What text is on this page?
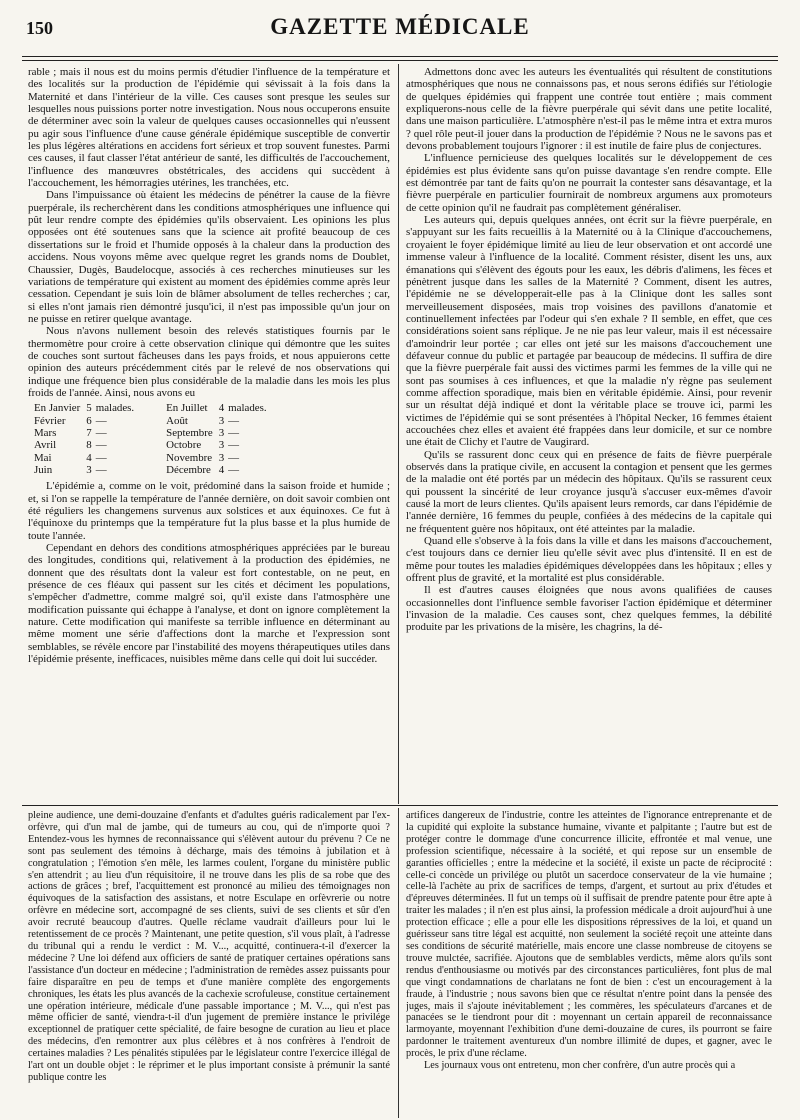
150	GAZETTE MÉDICALE

rable ; mais il nous est du moins permis d'étudier l'influence de la température et des localités sur la production de l'épidémie qui sévissait à la fois dans la Maternité et dans l'intérieur de la ville. Ces causes sont presque les seules sur lesquelles nous puissions porter notre investigation. Nous nous occuperons ensuite de déterminer avec soin la valeur de quelques causes occasionnelles qui n'eussent pu agir sous l'influence d'une cause générale épidémique susceptible de convertir les plus légères altérations en accidens fort sérieux et trop souvent funestes. Parmi ces causes, il faut classer l'état antérieur de santé, les difficultés de l'accouchement, l'influence des manœuvres obstétricales, des accidens qui succèdent à l'accouchement, les hémorragies utérines, les tranchées, etc.

Dans l'impuissance où étaient les médecins de pénétrer la cause de la fièvre puerpérale, ils recherchèrent dans les conditions atmosphériques une influence qui pût leur rendre compte des épidémies qu'ils observaient. Les opinions les plus opposées ont été soutenues sans que la science ait profité beaucoup de ces dissertations sur le froid et l'humide opposés à la chaleur dans la production des accidens. Nous voyons même avec quelque regret les grands noms de Doublet, Chaussier, Dugès, Baudelocque, associés à ces recherches minutieuses sur les variations de température qui existent au moment des épidémies comme après leur cessation. Cependant je suis loin de blâmer absolument de telles recherches ; car, si elles n'ont jamais rien démontré jusqu'ici, il n'est pas impossible qu'un jour on ne puisse en retirer quelque avantage.

Nous n'avons nullement besoin des relevés statistiques fournis par le thermomètre pour croire à cette observation clinique qui démontre que les suites de couches sont surtout fâcheuses dans les pays froids, et nous appuierons cette opinion des auteurs précédemment cités par le relevé de nos observations qui indique une fréquence bien plus considérable de la maladie dans les mois les plus froids de l'année. Ainsi, nous avons eu

En Janvier	5	malades.		En Juillet	4	malades.
Février	6	—		Août	3	—
Mars	7	—		Septembre	3	—
Avril	8	—		Octobre	3	—
Mai	4	—		Novembre	3	—
Juin	3	—		Décembre	4	—

L'épidémie a, comme on le voit, prédominé dans la saison froide et humide ; et, si l'on se rappelle la température de l'année dernière, on doit savoir combien ont été réguliers les changemens survenus aux solstices et aux équinoxes. Ce fut à l'équinoxe du printemps que la température fut la plus basse et la plus humide de toute l'année.

Cependant en dehors des conditions atmosphériques appréciées par le bureau des longitudes, conditions qui, relativement à la production des épidémies, ne donnent que des résultats dont la valeur est fort contestable, on ne peut, en présence de ces fléaux qui passent sur les cités et déciment les populations, s'empêcher d'admettre, comme malgré soi, qu'il existe dans l'atmosphère une modification puissante qui échappe à l'analyse, et dont on ignore complètement la nature. Cette modification qui manifeste sa terrible influence en déterminant au même moment une série d'affections dont la marche et l'expression sont semblables, se révèle encore par l'instabilité des moyens thérapeutiques utiles dans l'épidémie présente, inefficaces, nuisibles même dans celle qui doit lui succéder.

Admettons donc avec les auteurs les éventualités qui résultent de constitutions atmosphériques que nous ne connaissons pas, et nous serons édifiés sur l'étiologie de quelques épidémies qui frappent une contrée tout entière ; mais comment expliquerons-nous celle de la fièvre puerpérale qui sévit dans une petite localité, dans une maison particulière. L'atmosphère n'est-il pas le même intra et extra muros ? quel rôle peut-il jouer dans la production de l'épidémie ? Nous ne le savons pas et devons probablement toujours l'ignorer : il est inutile de faire plus de conjectures.

L'influence pernicieuse des quelques localités sur le développement de ces épidémies est plus évidente sans qu'on puisse davantage s'en rendre compte. Elle est démontrée par tant de faits qu'on ne pourrait la contester sans désavantage, et la fièvre puerpérale en particulier fournirait de nombreux argumens aux promoteurs de cette opinion qu'il ne faudrait pas complètement généraliser.

Les auteurs qui, depuis quelques années, ont écrit sur la fièvre puerpérale, en s'appuyant sur les faits recueillis à la Maternité ou à la Clinique d'accouchemens, croyaient le foyer épidémique limité au lieu de leur observation et ont accordé une immense valeur à l'influence de la localité. Comment résister, disent les uns, aux émanations qui s'élèvent des égouts pour les eaux, les débris d'alimens, les fèces et pénètrent jusque dans les salles de la Maternité ? Comment, disent les autres, l'épidémie ne se développerait-elle pas à la Clinique dont les salles sont merveilleusement disposées, mais trop voisines des pavillons d'anatomie et continuellement infectées par l'odeur qui s'en exhale ? Il semble, en effet, que ces considérations soient sans réplique. Je ne nie pas leur valeur, mais il est nécessaire d'amoindrir leur portée ; car elles ont jeté sur les maisons d'accouchement une défaveur connue du public et partagée par beaucoup de médecins. Il suffira de dire que la fièvre puerpérale fait aussi des victimes parmi les femmes de la ville qui ne sont pas soumises à ces influences, et que la maladie n'y règne pas seulement comme affection sporadique, mais bien en véritable épidémie. Ainsi, pour revenir sur un résultat déjà indiqué et dont la véritable place se trouve ici, parmi les victimes de l'épidémie qui se sont présentées à l'hôpital Necker, 16 femmes étaient accouchées chez elles et avaient été frappées dans leur domicile, et sur ce nombre une était de Clichy et l'autre de Vaugirard.

Qu'ils se rassurent donc ceux qui en présence de faits de fièvre puerpérale observés dans la pratique civile, en accusent la contagion et pensent que les germes de la maladie ont été portés par un médecin des hôpitaux. Qu'ils se rassurent ceux qui poussent la sincérité de leur croyance jusqu'à s'accuser eux-mêmes d'avoir causé la mort de leurs clientes. Qu'ils apaisent leurs remords, car dans l'épidémie de l'année dernière, 16 femmes du peuple, confiées à des médecins de la capitale qui ne fréquentent guère nos hôpitaux, ont été atteintes par la maladie.

Quand elle s'observe à la fois dans la ville et dans les maisons d'accouchement, c'est toujours dans ce dernier lieu qu'elle sévit avec plus d'intensité. Il en est de même pour toutes les maladies épidémiques développées dans les hôpitaux ; elles y offrent plus de gravité, et la mortalité est plus considérable.

Il est d'autres causes éloignées que nous avons qualifiées de causes occasionnelles dont l'influence semble favoriser l'action épidémique et déterminer l'invasion de la maladie. Ces causes sont, chez quelques femmes, la débilité produite par les privations de la misère, les chagrins, la dé-

pleine audience, une demi-douzaine d'enfants et d'adultes guéris radicalement par l'ex-orfèvre, qui d'un mal de jambe, qui de tumeurs au cou, qui de n'importe quoi ? Entendez-vous les hymnes de reconnaissance qui s'élèvent autour du prévenu ? Ce ne sont pas seulement des témoins à décharge, mais des témoins à jubilation et à congratulation ; l'émotion s'en mêle, les larmes coulent, l'organe du ministère public s'en attendrit ; au lieu d'un réquisitoire, il ne trouve dans les plis de sa robe que des actions de grâces ; bref, l'acquittement est prononcé au milieu des témoignages non équivoques de la satisfaction des assistans, et notre Esculape en orfèvrerie ou notre orfèvre en médecine sort, accompagné de ses clients, suivi de ses clients et sûr d'en avoir recruté beaucoup d'autres. Quelle réclame vaudrait d'ailleurs pour lui le retentissement de ce procès ? Maintenant, une petite question, s'il vous plaît, à l'adresse du tribunal qui a rendu le verdict : M. V..., acquitté, continuera-t-il d'exercer la médecine ? Une loi défend aux officiers de santé de pratiquer certaines opérations sans l'assistance d'un docteur en médecine ; l'administration de remèdes assez puissants pour faire disparaître en peu de temps et d'une manière complète des engorgements chroniques, les états les plus avancés de la cachexie scrofuleuse, constitue certainement une opération intérieure, médicale d'une passable importance ; M. V..., qui n'est pas même officier de santé, viendra-t-il d'un jugement de première instance le privilége exceptionnel de pratiquer cette spécialité, de faire besogne de curation au lieu et place des médecins, d'en remontrer aux plus célèbres et à nos confrères à l'endroit de certaines maladies ? Les pénalités stipulées par le législateur contre l'exercice illégal de l'art ont un double objet : le réprimer et le plus important consiste à prémunir la santé publique contre les

artifices dangereux de l'industrie, contre les atteintes de l'ignorance entreprenante et de la cupidité qui exploite la substance humaine, vivante et palpitante ; l'autre but est de protéger contre le dommage d'une concurrence illicite, effrontée et mal venue, une profession scientifique, nécessaire à la société, et qui repose sur un ensemble de garanties officielles ; entre la médecine et la société, il existe un pacte de réciprocité : celle-ci concède un privilége ou plutôt un sacerdoce conservateur de la vie humaine ; celle-là l'achète au prix de sacrifices de temps, d'argent, et surtout au prix d'études et d'épreuves déterminées. Il fut un temps où il suffisait de prendre patente pour être apte à traiter les malades ; il n'en est plus ainsi, la profession médicale a droit aujourd'hui à une protection efficace ; elle a pour elle les dispositions répressives de la loi, et quand un guérisseur sans titre légal est acquitté, non seulement la société reçoit une atteinte dans ses conditions de sécurité matérielle, mais encore une classe nombreuse de citoyens se trouve mulctée, sacrifiée. Ajoutons que de semblables verdicts, même alors qu'ils sont rendus d'enthousiasme ou motivés par des circonstances particulières, font plus de mal que vingt condamnations de charlatans ne font de bien : c'est un encouragement à la fraude, à l'industrie ; nous savons bien que ce résultat n'entre point dans la pensée des juges, mais il s'ajoute inévitablement ; les commères, les spéculateurs d'arcanes et de panacées se le tiendront pour dit : moyennant un certain appareil de reconnaissance larmoyante, moyennant l'exhibition d'une demi-douzaine de cures, ils pourront se faire pardonner le traitement aventureux d'un nombre illimité de dupes, et gagner, avec le procès, le prix d'une réclame.

Les journaux vous ont entretenu, mon cher confrère, d'un autre procès qui a
